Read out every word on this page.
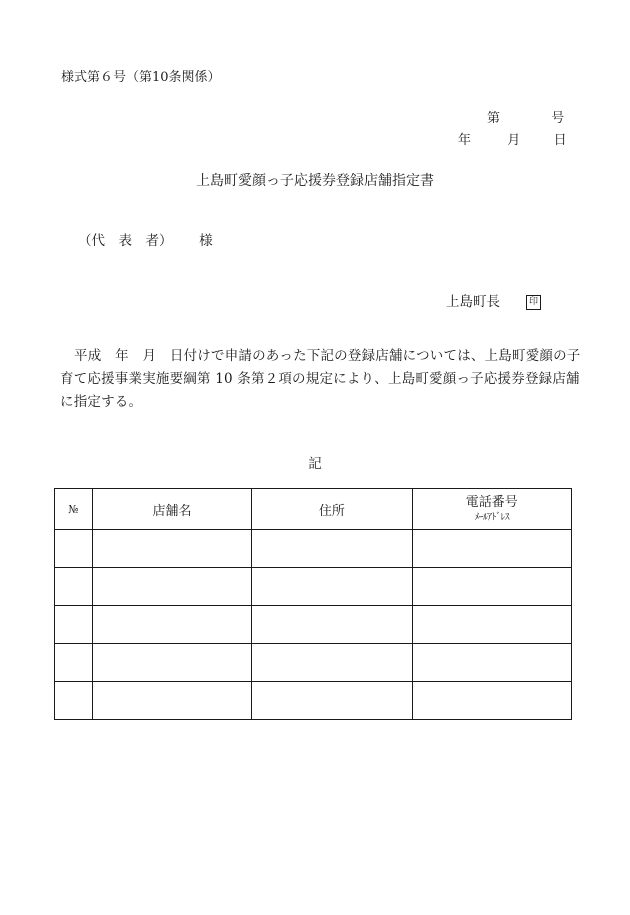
様式第６号（第10条関係）
第	号
年	月	日
上島町愛顔っ子応援券登録店舗指定書
（代　表　者） 様
上島町長	印
平成　年　月　日付けで申請のあった下記の登録店舗については、上島町愛顔の子育て応援事業実施要綱第 10 条第２項の規定により、上島町愛顔っ子応援券登録店舗に指定する。
記
№	店舗名	住所	電話番号
ﾒｰﾙｱﾄﾞﾚｽ
